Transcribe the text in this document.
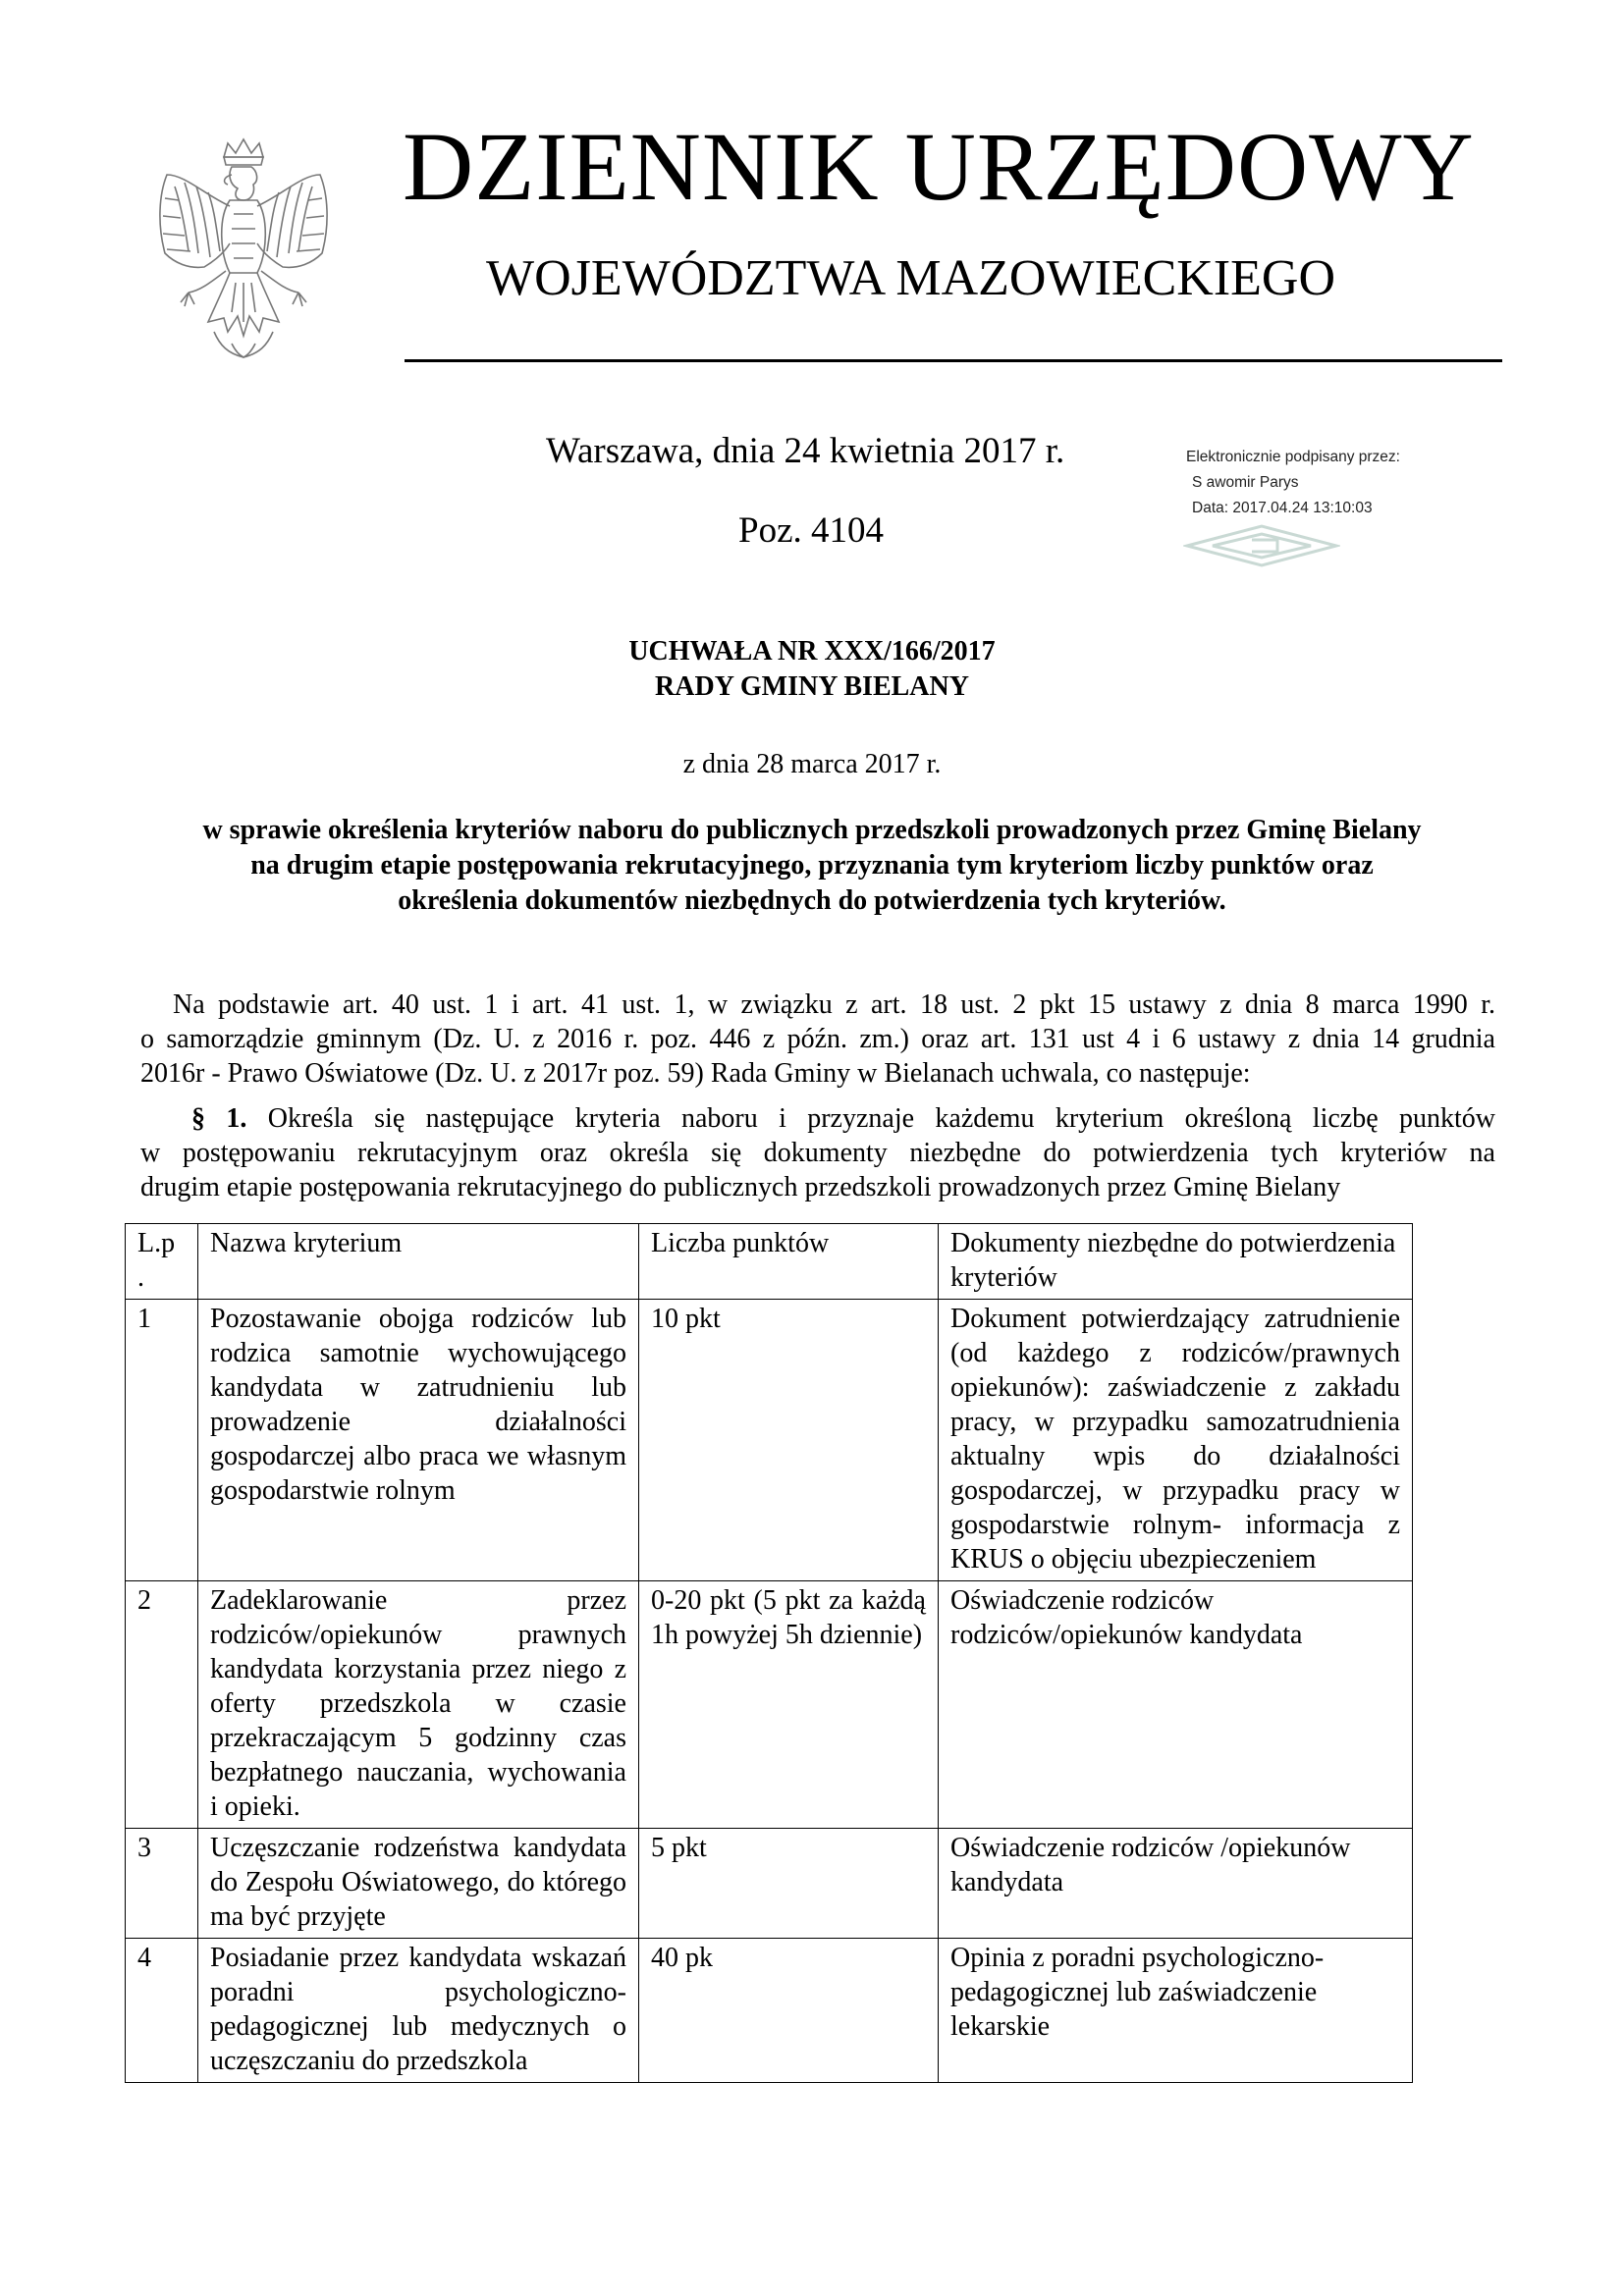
DZIENNIK URZĘDOWY
WOJEWÓDZTWA MAZOWIECKIEGO
Warszawa, dnia 24 kwietnia 2017 r.
Poz. 4104
Elektronicznie podpisany przez:
S awomir Parys
Data: 2017.04.24 13:10:03
UCHWAŁA NR XXX/166/2017
RADY GMINY BIELANY
z dnia 28 marca 2017 r.
w sprawie określenia kryteriów naboru do publicznych przedszkoli prowadzonych przez Gminę Bielany
na drugim etapie postępowania rekrutacyjnego, przyznania tym kryteriom liczby punktów oraz
określenia dokumentów niezbędnych do potwierdzenia tych kryteriów.
Na podstawie art. 40 ust. 1 i art. 41 ust. 1, w związku z art. 18 ust. 2 pkt 15 ustawy z dnia 8 marca 1990 r.
o samorządzie gminnym (Dz. U. z 2016 r. poz. 446 z późn. zm.) oraz art. 131 ust 4 i 6 ustawy z dnia 14 grudnia
2016r - Prawo Oświatowe (Dz. U. z 2017r poz. 59) Rada Gminy w Bielanach uchwala, co następuje:
§ 1. Określa się następujące kryteria naboru i przyznaje każdemu kryterium określoną liczbę punktów
w postępowaniu rekrutacyjnym oraz określa się dokumenty niezbędne do potwierdzenia tych kryteriów na
drugim etapie postępowania rekrutacyjnego do publicznych przedszkoli prowadzonych przez Gminę Bielany
L.p .	Nazwa kryterium	Liczba punktów	Dokumenty niezbędne do potwierdzenia kryteriów
1	Pozostawanie obojga rodziców lub rodzica samotnie wychowującego kandydata w zatrudnieniu lub prowadzenie działalności gospodarczej albo praca we własnym gospodarstwie rolnym	10 pkt	Dokument potwierdzający zatrudnienie (od każdego z rodziców/prawnych opiekunów): zaświadczenie z zakładu pracy, w przypadku samozatrudnienia aktualny wpis do działalności gospodarczej, w przypadku pracy w gospodarstwie rolnym- informacja z KRUS o objęciu ubezpieczeniem
2	Zadeklarowanie przez rodziców/opiekunów prawnych kandydata korzystania przez niego z oferty przedszkola w czasie przekraczającym 5 godzinny czas bezpłatnego nauczania, wychowania i opieki.	0-20 pkt (5 pkt za każdą 1h powyżej 5h dziennie)	Oświadczenie rodziców rodziców/opiekunów kandydata
3	Uczęszczanie rodzeństwa kandydata do Zespołu Oświatowego, do którego ma być przyjęte	5 pkt	Oświadczenie rodziców /opiekunów kandydata
4	Posiadanie przez kandydata wskazań poradni psychologiczno-pedagogicznej lub medycznych o uczęszczaniu do przedszkola	40 pk	Opinia z poradni psychologiczno-pedagogicznej lub zaświadczenie lekarskie
